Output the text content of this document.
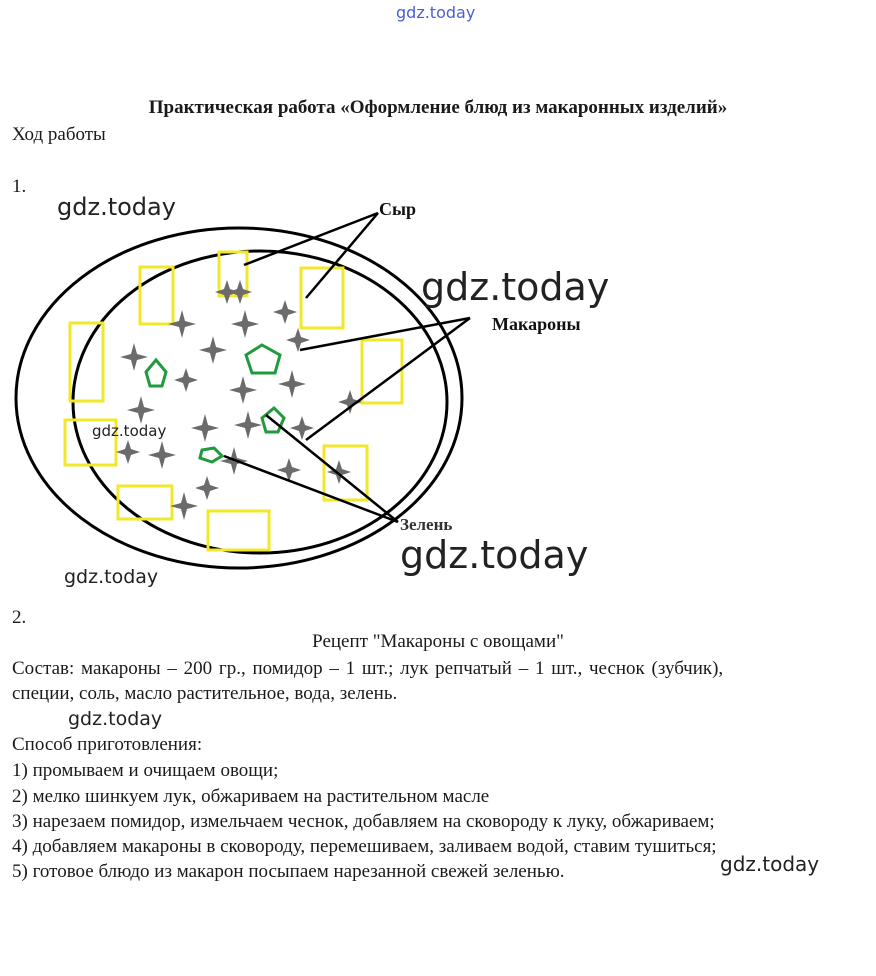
gdz.today
Практическая работа «Оформление блюд из макаронных изделий»
Ход работы
1.
Сыр
Макароны
Зелень
gdz.today
gdz.today
gdz.today
gdz.today
gdz.today
2.
Рецепт "Макароны с овощами"
Состав: макароны – 200 гр., помидор – 1 шт.; лук репчатый – 1 шт., чеснок (зубчик),
специи, соль, масло растительное, вода, зелень.
gdz.today
Способ приготовления:
1) промываем и очищаем овощи;
2) мелко шинкуем лук, обжариваем на растительном масле
3) нарезаем помидор, измельчаем чеснок, добавляем на сковороду к луку, обжариваем;
4) добавляем макароны в сковороду, перемешиваем, заливаем водой, ставим тушиться;
5) готовое блюдо из макарон посыпаем нарезанной свежей зеленью.	gdz.today
